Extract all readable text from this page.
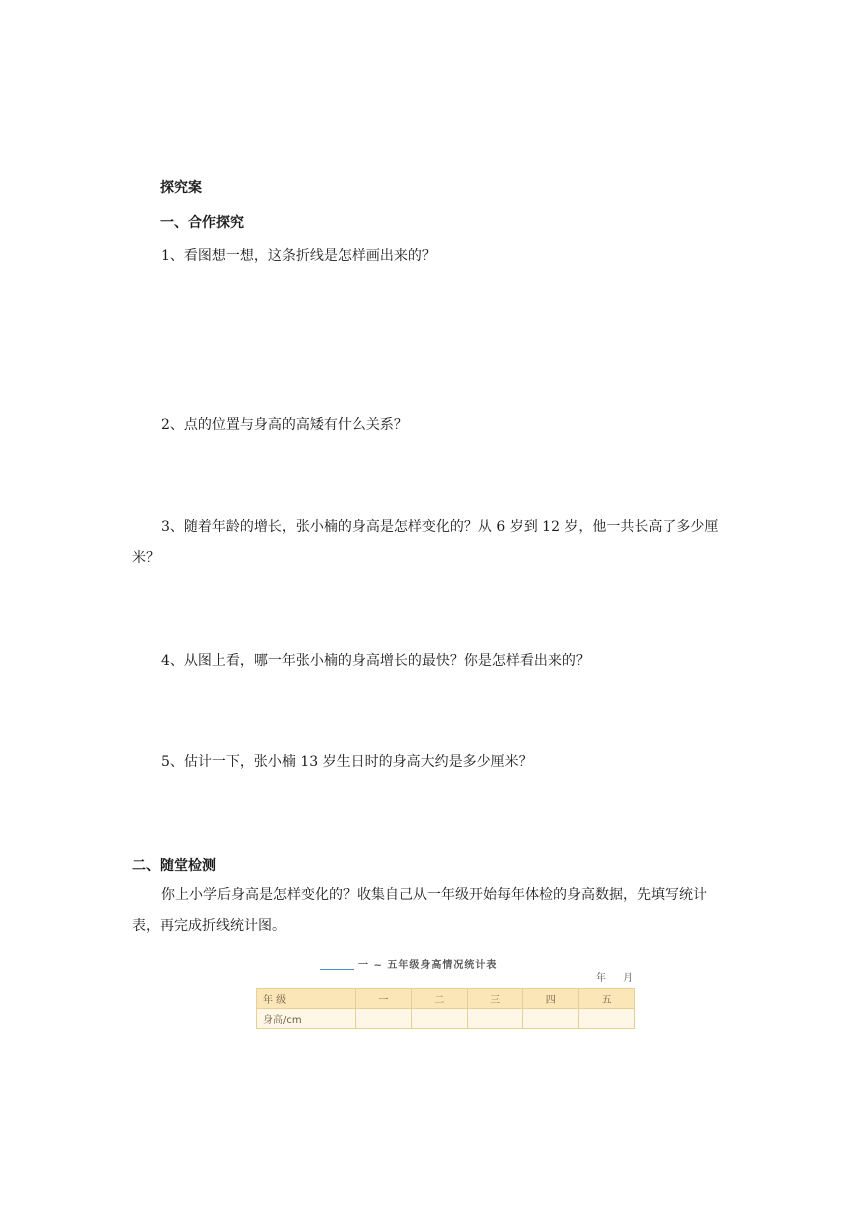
探究案
一、合作探究
1、看图想一想，这条折线是怎样画出来的？
2、点的位置与身高的高矮有什么关系？
3、随着年龄的增长，张小楠的身高是怎样变化的？从 6 岁到 12 岁，他一共长高了多少厘米？
4、从图上看，哪一年张小楠的身高增长的最快？你是怎样看出来的？
5、估计一下，张小楠 13 岁生日时的身高大约是多少厘米？
二、随堂检测
你上小学后身高是怎样变化的？收集自己从一年级开始每年体检的身高数据，先填写统计表，再完成折线统计图。
一 ~ 五年级身高情况统计表
年 月
年 级	一	二	三	四	五
身高/cm					
